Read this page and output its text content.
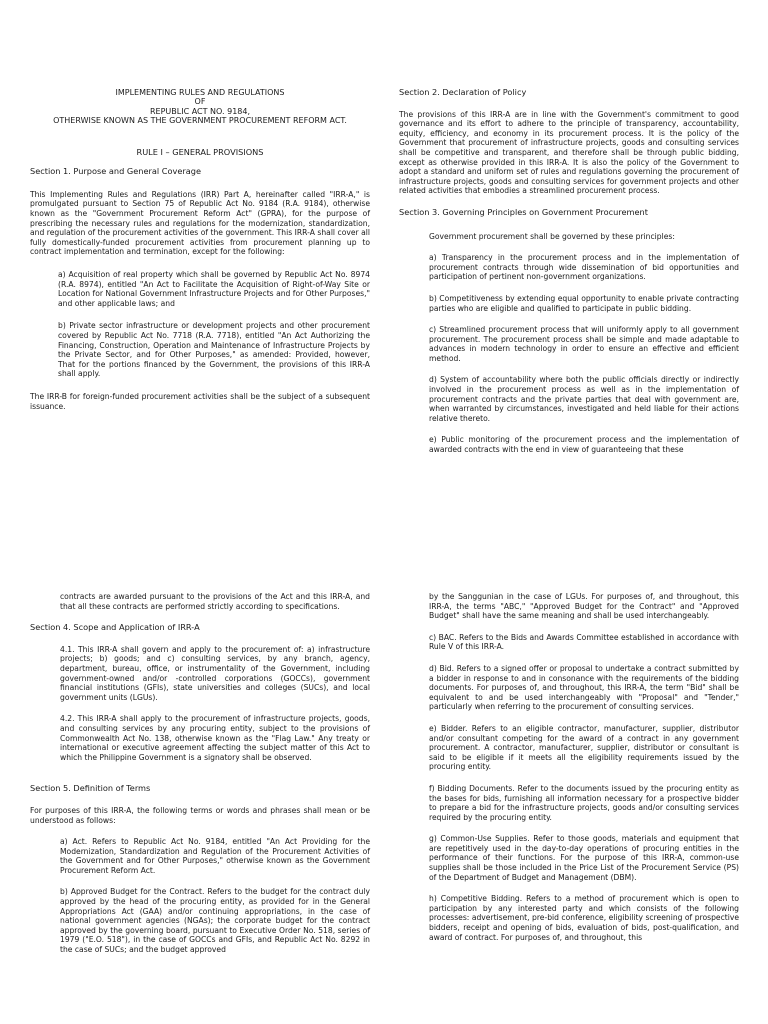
IMPLEMENTING RULES AND REGULATIONS
OF
REPUBLIC ACT NO. 9184,
OTHERWISE KNOWN AS THE GOVERNMENT PROCUREMENT REFORM ACT.
RULE I – GENERAL PROVISIONS
Section 1. Purpose and General Coverage
This Implementing Rules and Regulations (IRR) Part A, hereinafter called "IRR-A," is promulgated pursuant to Section 75 of Republic Act No. 9184 (R.A. 9184), otherwise known as the "Government Procurement Reform Act" (GPRA), for the purpose of prescribing the necessary rules and regulations for the modernization, standardization, and regulation of the procurement activities of the government. This IRR-A shall cover all fully domestically-funded procurement activities from procurement planning up to contract implementation and termination, except for the following:
a) Acquisition of real property which shall be governed by Republic Act No. 8974 (R.A. 8974), entitled "An Act to Facilitate the Acquisition of Right-of-Way Site or Location for National Government Infrastructure Projects and for Other Purposes," and other applicable laws; and
b) Private sector infrastructure or development projects and other procurement covered by Republic Act No. 7718 (R.A. 7718), entitled "An Act Authorizing the Financing, Construction, Operation and Maintenance of Infrastructure Projects by the Private Sector, and for Other Purposes," as amended: Provided, however, That for the portions financed by the Government, the provisions of this IRR-A shall apply.
The IRR-B for foreign-funded procurement activities shall be the subject of a subsequent issuance.
Section 2. Declaration of Policy
The provisions of this IRR-A are in line with the Government's commitment to good governance and its effort to adhere to the principle of transparency, accountability, equity, efficiency, and economy in its procurement process. It is the policy of the Government that procurement of infrastructure projects, goods and consulting services shall be competitive and transparent, and therefore shall be through public bidding, except as otherwise provided in this IRR-A. It is also the policy of the Government to adopt a standard and uniform set of rules and regulations governing the procurement of infrastructure projects, goods and consulting services for government projects and other related activities that embodies a streamlined procurement process.
Section 3. Governing Principles on Government Procurement
Government procurement shall be governed by these principles:
a) Transparency in the procurement process and in the implementation of procurement contracts through wide dissemination of bid opportunities and participation of pertinent non-government organizations.
b) Competitiveness by extending equal opportunity to enable private contracting parties who are eligible and qualified to participate in public bidding.
c) Streamlined procurement process that will uniformly apply to all government procurement. The procurement process shall be simple and made adaptable to advances in modern technology in order to ensure an effective and efficient method.
d) System of accountability where both the public officials directly or indirectly involved in the procurement process as well as in the implementation of procurement contracts and the private parties that deal with government are, when warranted by circumstances, investigated and held liable for their actions relative thereto.
e) Public monitoring of the procurement process and the implementation of awarded contracts with the end in view of guaranteeing that these
contracts are awarded pursuant to the provisions of the Act and this IRR-A, and that all these contracts are performed strictly according to specifications.
Section 4. Scope and Application of IRR-A
4.1. This IRR-A shall govern and apply to the procurement of: a) infrastructure projects; b) goods; and c) consulting services, by any branch, agency, department, bureau, office, or instrumentality of the Government, including government-owned and/or -controlled corporations (GOCCs), government financial institutions (GFIs), state universities and colleges (SUCs), and local government units (LGUs).
4.2. This IRR-A shall apply to the procurement of infrastructure projects, goods, and consulting services by any procuring entity, subject to the provisions of Commonwealth Act No. 138, otherwise known as the "Flag Law." Any treaty or international or executive agreement affecting the subject matter of this Act to which the Philippine Government is a signatory shall be observed.
Section 5. Definition of Terms
For purposes of this IRR-A, the following terms or words and phrases shall mean or be understood as follows:
a) Act. Refers to Republic Act No. 9184, entitled "An Act Providing for the Modernization, Standardization and Regulation of the Procurement Activities of the Government and for Other Purposes," otherwise known as the Government Procurement Reform Act.
b) Approved Budget for the Contract. Refers to the budget for the contract duly approved by the head of the procuring entity, as provided for in the General Appropriations Act (GAA) and/or continuing appropriations, in the case of national government agencies (NGAs); the corporate budget for the contract approved by the governing board, pursuant to Executive Order No. 518, series of 1979 ("E.O. 518"), in the case of GOCCs and GFIs, and Republic Act No. 8292 in the case of SUCs; and the budget approved
by the Sanggunian in the case of LGUs. For purposes of, and throughout, this IRR-A, the terms "ABC," "Approved Budget for the Contract" and "Approved Budget" shall have the same meaning and shall be used interchangeably.
c) BAC. Refers to the Bids and Awards Committee established in accordance with Rule V of this IRR-A.
d) Bid. Refers to a signed offer or proposal to undertake a contract submitted by a bidder in response to and in consonance with the requirements of the bidding documents. For purposes of, and throughout, this IRR-A, the term "Bid" shall be equivalent to and be used interchangeably with "Proposal" and "Tender," particularly when referring to the procurement of consulting services.
e) Bidder. Refers to an eligible contractor, manufacturer, supplier, distributor and/or consultant competing for the award of a contract in any government procurement. A contractor, manufacturer, supplier, distributor or consultant is said to be eligible if it meets all the eligibility requirements issued by the procuring entity.
f) Bidding Documents. Refer to the documents issued by the procuring entity as the bases for bids, furnishing all information necessary for a prospective bidder to prepare a bid for the infrastructure projects, goods and/or consulting services required by the procuring entity.
g) Common-Use Supplies. Refer to those goods, materials and equipment that are repetitively used in the day-to-day operations of procuring entities in the performance of their functions. For the purpose of this IRR-A, common-use supplies shall be those included in the Price List of the Procurement Service (PS) of the Department of Budget and Management (DBM).
h) Competitive Bidding. Refers to a method of procurement which is open to participation by any interested party and which consists of the following processes: advertisement, pre-bid conference, eligibility screening of prospective bidders, receipt and opening of bids, evaluation of bids, post-qualification, and award of contract. For purposes of, and throughout, this
